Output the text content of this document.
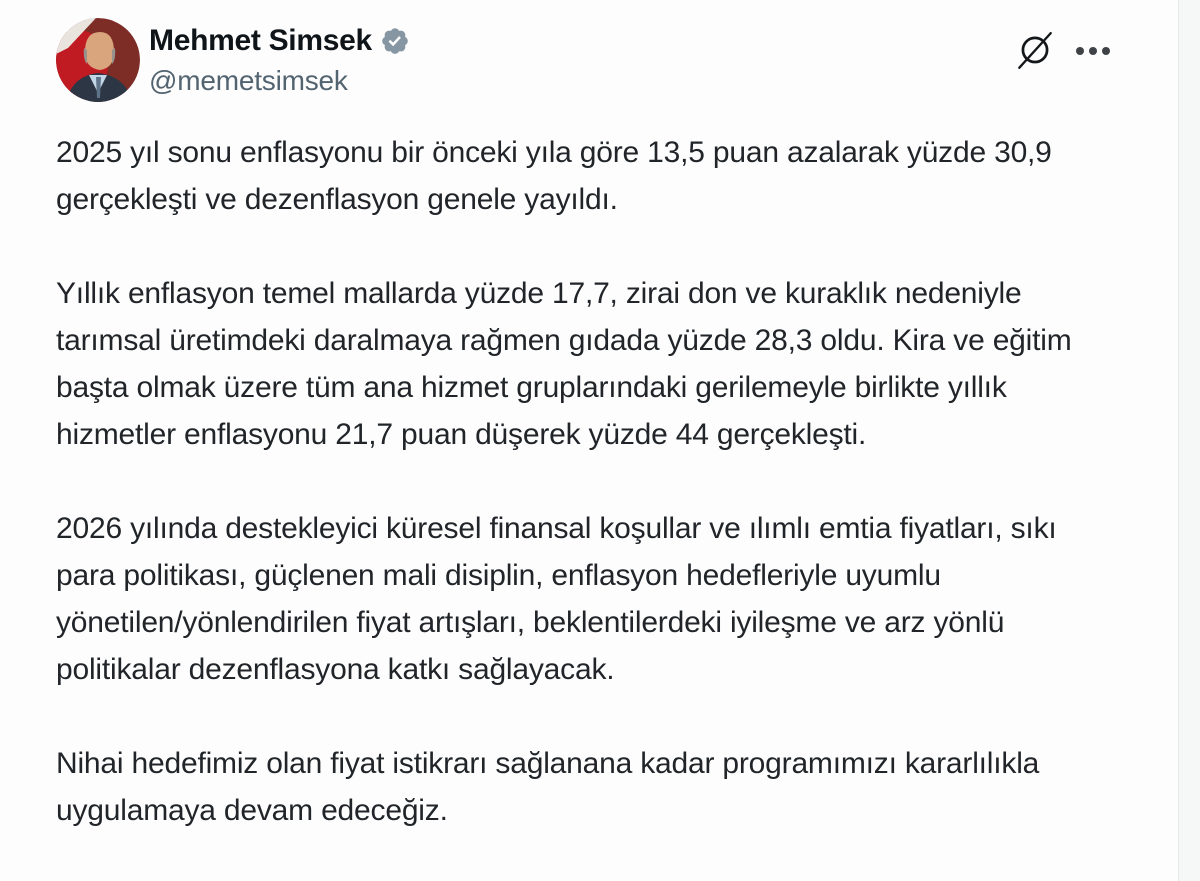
Mehmet Simsek
@memetsimsek

2025 yıl sonu enflasyonu bir önceki yıla göre 13,5 puan azalarak yüzde 30,9 gerçekleşti ve dezenflasyon genele yayıldı.

Yıllık enflasyon temel mallarda yüzde 17,7, zirai don ve kuraklık nedeniyle tarımsal üretimdeki daralmaya rağmen gıdada yüzde 28,3 oldu. Kira ve eğitim başta olmak üzere tüm ana hizmet gruplarındaki gerilemeyle birlikte yıllık hizmetler enflasyonu 21,7 puan düşerek yüzde 44 gerçekleşti.

2026 yılında destekleyici küresel finansal koşullar ve ılımlı emtia fiyatları, sıkı para politikası, güçlenen mali disiplin, enflasyon hedefleriyle uyumlu yönetilen/yönlendirilen fiyat artışları, beklentilerdeki iyileşme ve arz yönlü politikalar dezenflasyona katkı sağlayacak.

Nihai hedefimiz olan fiyat istikrarı sağlanana kadar programımızı kararlılıkla uygulamaya devam edeceğiz.
